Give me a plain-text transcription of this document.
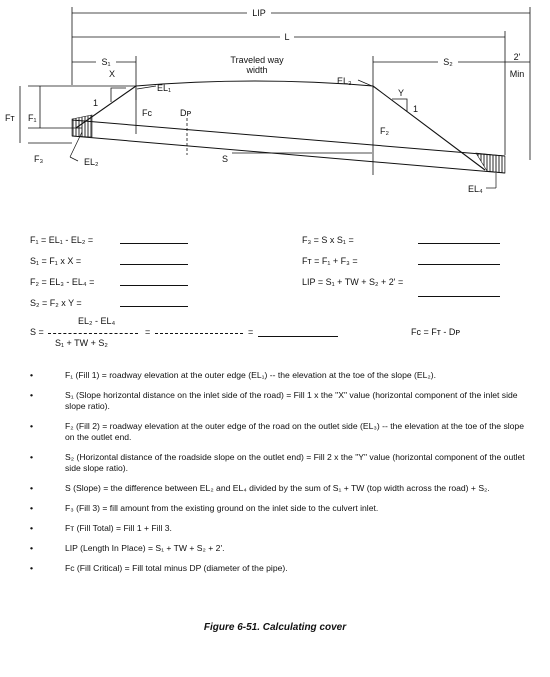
LIP
L
S₁	S₂	2'
Min
Traveled way
width
Fᴛ F₁
F₃
X
1
EL₁
EL₂
Fᴄ	Dᴘ
EL₃
Y
1
F₂
S
EL₄
F₁ = EL₁ - EL₂ =
S₁ = F₁ x X =
F₂ = EL₃ - EL₄ =
S₂ = F₂ x Y =
F₃ = S x S₁ =
Fᴛ = F₁ + F₃ =
LIP = S₁ + TW + S₂ + 2' =
S =
EL₂ - EL₄
S₁ + TW + S₂
=	=	Fᴄ = Fᴛ - Dᴘ
•	F₁ (Fill 1) = roadway elevation at the outer edge (EL₁) -- the elevation at the toe of the slope (EL₂).
•	S₁ (Slope horizontal distance on the inlet side of the road) = Fill 1 x the "X" value (horizontal component of the inlet side slope ratio).
•	F₂ (Fill 2) = roadway elevation at the outer edge of the road on the outlet side (EL₃) -- the elevation at the toe of the slope on the outlet end.
•	S₂ (Horizontal distance of the roadside slope on the outlet end) = Fill 2 x the "Y" value (horizontal component of the outlet side slope ratio).
•	S (Slope) = the difference between EL₂ and EL₄ divided by the sum of S₁ + TW (top width across the road) + S₂.
•	F₃ (Fill 3) = fill amount from the existing ground on the inlet side to the culvert inlet.
•	Fᴛ (Fill Total) = Fill 1 + Fill 3.
•	LIP (Length In Place) = S₁ + TW + S₂ + 2'.
•	Fᴄ (Fill Critical) = Fill total minus DP (diameter of the pipe).
Figure 6-51. Calculating cover
